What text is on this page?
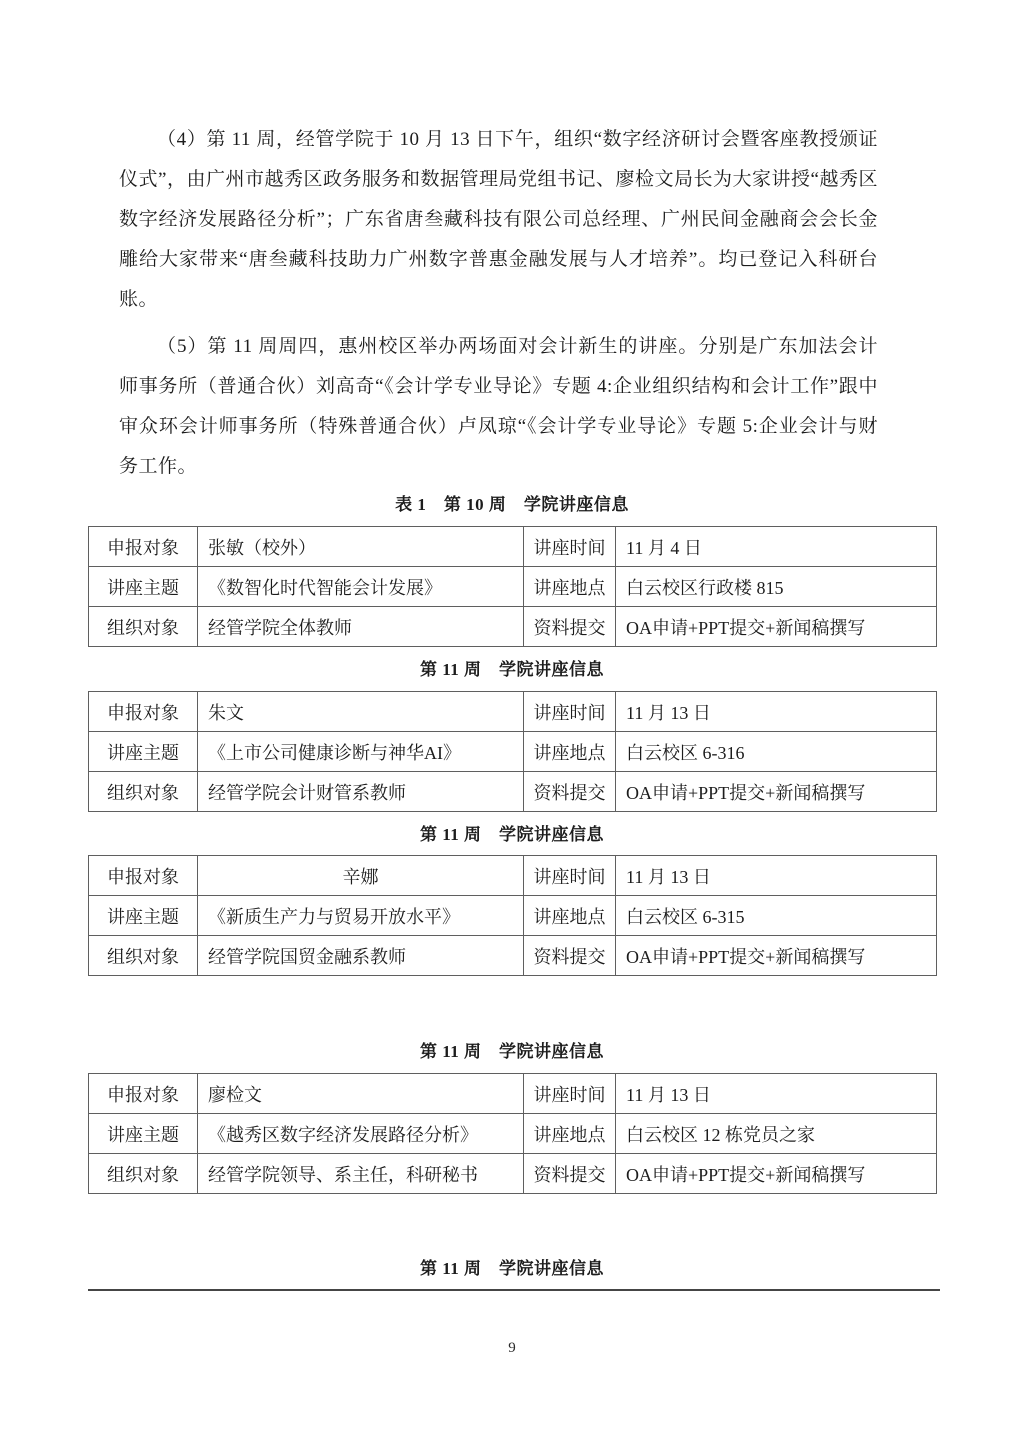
（4）第 11 周，经管学院于 10 月 13 日下午，组织“数字经济研讨会暨客座教授颁证仪式”，由广州市越秀区政务服务和数据管理局党组书记、廖检文局长为大家讲授“越秀区数字经济发展路径分析”；广东省唐叁藏科技有限公司总经理、广州民间金融商会会长金雕给大家带来“唐叁藏科技助力广州数字普惠金融发展与人才培养”。均已登记入科研台账。

（5）第 11 周周四，惠州校区举办两场面对会计新生的讲座。分别是广东加法会计师事务所（普通合伙）刘高奇“《会计学专业导论》专题 4:企业组织结构和会计工作”跟中审众环会计师事务所（特殊普通合伙）卢凤琼“《会计学专业导论》专题 5:企业会计与财务工作。

表 1　第 10 周　学院讲座信息
申报对象	张敏（校外）	讲座时间	11 月 4 日
讲座主题	《数智化时代智能会计发展》	讲座地点	白云校区行政楼 815
组织对象	经管学院全体教师	资料提交	OA申请+PPT提交+新闻稿撰写
第 11 周　学院讲座信息
申报对象	朱文	讲座时间	11 月 13 日
讲座主题	《上市公司健康诊断与神华AI》	讲座地点	白云校区 6-316
组织对象	经管学院会计财管系教师	资料提交	OA申请+PPT提交+新闻稿撰写
第 11 周　学院讲座信息
申报对象	辛娜	讲座时间	11 月 13 日
讲座主题	《新质生产力与贸易开放水平》	讲座地点	白云校区 6-315
组织对象	经管学院国贸金融系教师	资料提交	OA申请+PPT提交+新闻稿撰写
第 11 周　学院讲座信息
申报对象	廖检文	讲座时间	11 月 13 日
讲座主题	《越秀区数字经济发展路径分析》	讲座地点	白云校区 12 栋党员之家
组织对象	经管学院领导、系主任，科研秘书	资料提交	OA申请+PPT提交+新闻稿撰写
第 11 周　学院讲座信息
9
